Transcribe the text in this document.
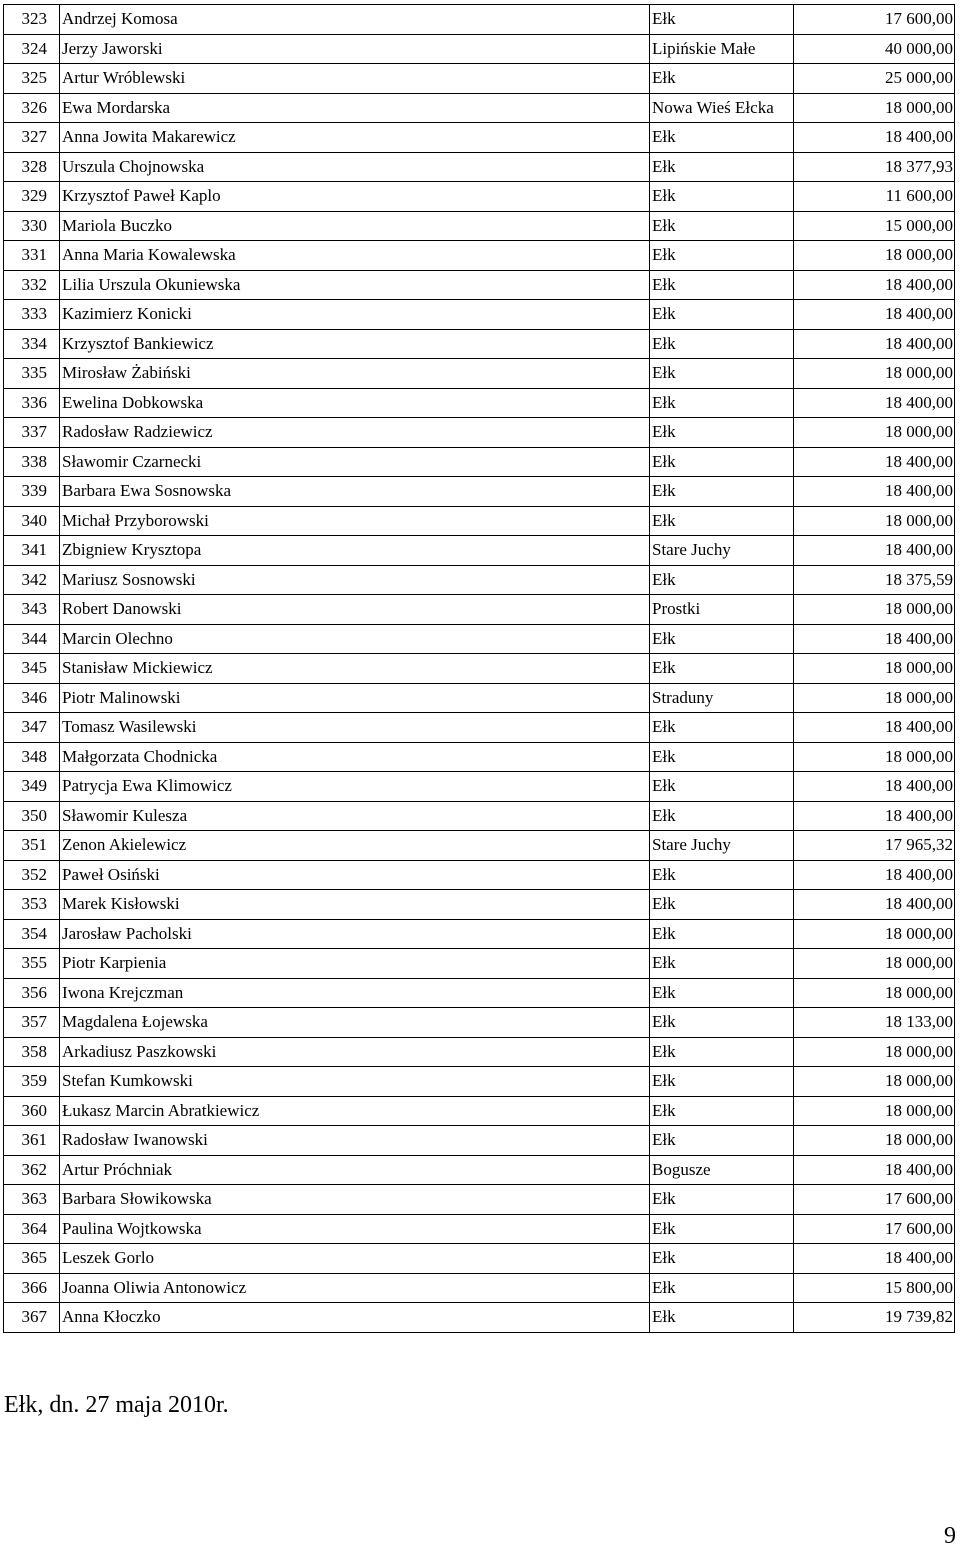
323	Andrzej Komosa	Ełk	17 600,00
324	Jerzy Jaworski	Lipińskie Małe	40 000,00
325	Artur Wróblewski	Ełk	25 000,00
326	Ewa Mordarska	Nowa Wieś Ełcka	18 000,00
327	Anna Jowita Makarewicz	Ełk	18 400,00
328	Urszula Chojnowska	Ełk	18 377,93
329	Krzysztof Paweł Kaplo	Ełk	11 600,00
330	Mariola Buczko	Ełk	15 000,00
331	Anna Maria Kowalewska	Ełk	18 000,00
332	Lilia Urszula Okuniewska	Ełk	18 400,00
333	Kazimierz Konicki	Ełk	18 400,00
334	Krzysztof Bankiewicz	Ełk	18 400,00
335	Mirosław Żabiński	Ełk	18 000,00
336	Ewelina Dobkowska	Ełk	18 400,00
337	Radosław Radziewicz	Ełk	18 000,00
338	Sławomir Czarnecki	Ełk	18 400,00
339	Barbara Ewa Sosnowska	Ełk	18 400,00
340	Michał Przyborowski	Ełk	18 000,00
341	Zbigniew Krysztopa	Stare Juchy	18 400,00
342	Mariusz Sosnowski	Ełk	18 375,59
343	Robert Danowski	Prostki	18 000,00
344	Marcin Olechno	Ełk	18 400,00
345	Stanisław Mickiewicz	Ełk	18 000,00
346	Piotr Malinowski	Straduny	18 000,00
347	Tomasz Wasilewski	Ełk	18 400,00
348	Małgorzata Chodnicka	Ełk	18 000,00
349	Patrycja Ewa Klimowicz	Ełk	18 400,00
350	Sławomir Kulesza	Ełk	18 400,00
351	Zenon Akielewicz	Stare Juchy	17 965,32
352	Paweł Osiński	Ełk	18 400,00
353	Marek Kisłowski	Ełk	18 400,00
354	Jarosław Pacholski	Ełk	18 000,00
355	Piotr Karpienia	Ełk	18 000,00
356	Iwona Krejczman	Ełk	18 000,00
357	Magdalena Łojewska	Ełk	18 133,00
358	Arkadiusz Paszkowski	Ełk	18 000,00
359	Stefan Kumkowski	Ełk	18 000,00
360	Łukasz Marcin Abratkiewicz	Ełk	18 000,00
361	Radosław Iwanowski	Ełk	18 000,00
362	Artur Próchniak	Bogusze	18 400,00
363	Barbara Słowikowska	Ełk	17 600,00
364	Paulina Wojtkowska	Ełk	17 600,00
365	Leszek Gorlo	Ełk	18 400,00
366	Joanna Oliwia Antonowicz	Ełk	15 800,00
367	Anna Kłoczko	Ełk	19 739,82
Ełk, dn. 27 maja 2010r.
9
